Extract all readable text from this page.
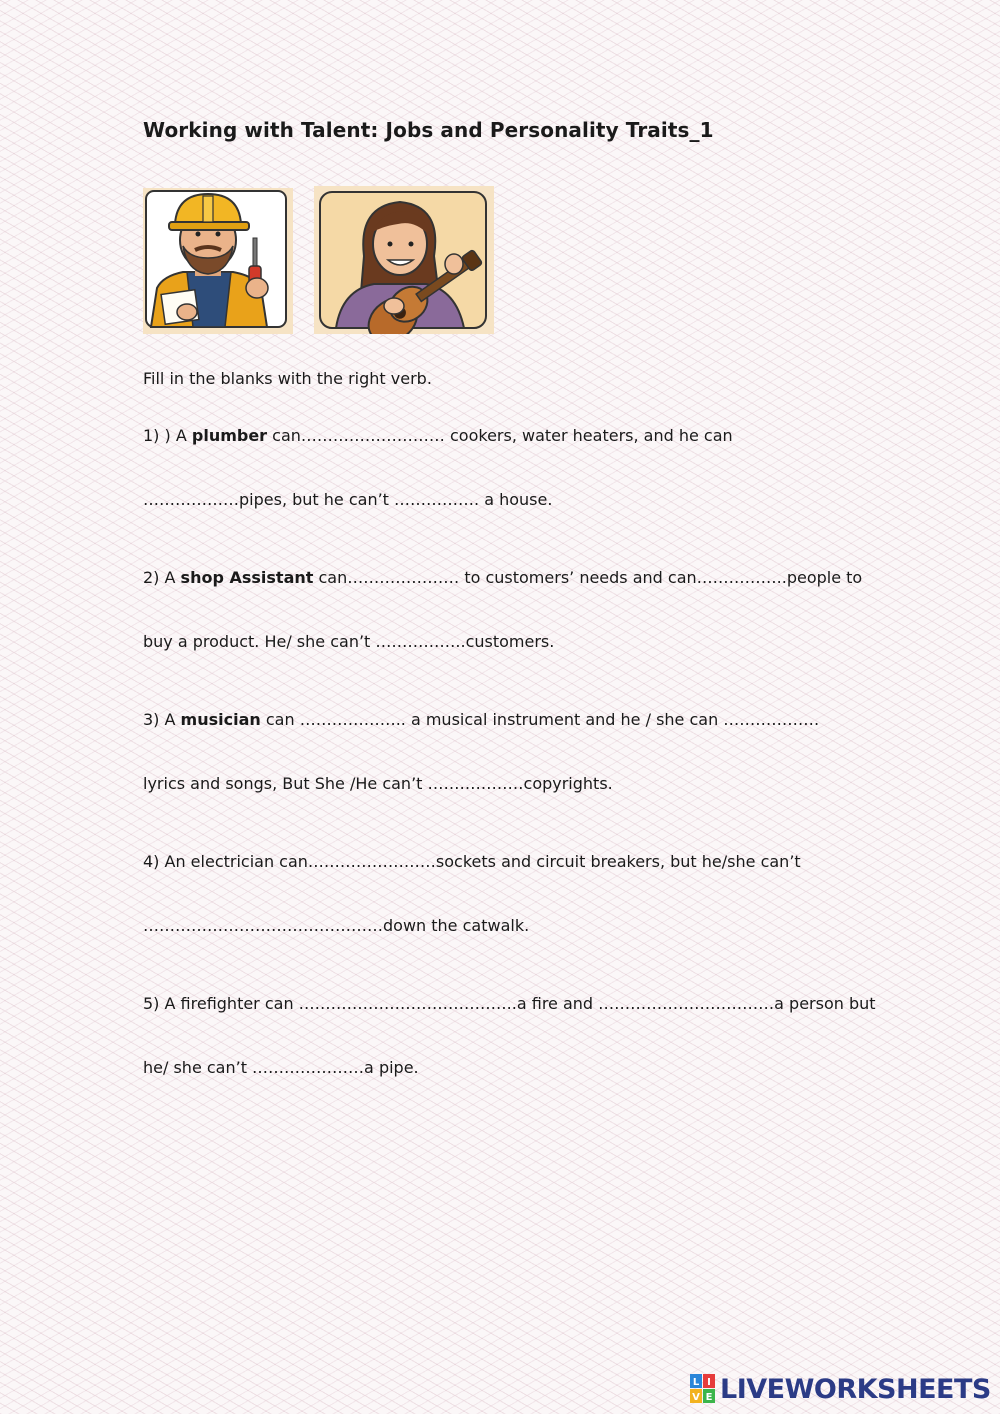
Working with Talent: Jobs and Personality Traits_1
Fill in the blanks with the right verb.
1) ) A plumber can……………………… cookers, water heaters, and he can
………………pipes, but he can’t ……………. a house.
2) A shop Assistant can………………… to customers’ needs and can……………..people to
buy a product. He/ she can’t ……………..customers.
3) A musician can ……………….. a musical instrument and he / she can ………………
lyrics and songs, But She /He can’t ………………copyrights.
4) An electrician can……………………sockets and circuit breakers, but he/she can’t
………………………………………down the catwalk.
5) A firefighter can …………………………………..a fire and ……………………………a person but
he/ she can’t …………………a pipe.
L I
V E LIVEWORKSHEETS
